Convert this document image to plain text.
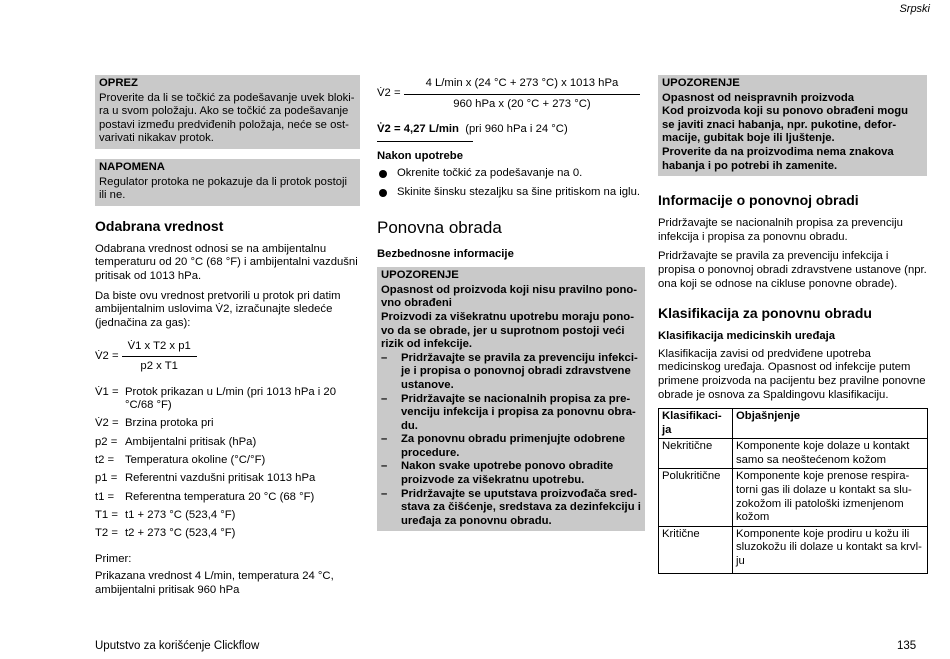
Srpski
OPREZ
Proverite da li se točkić za podešavanje uvek bloki-ra u svom položaju. Ako se točkić za podešavanje postavi između predviđenih položaja, neće se ost-varivati nikakav protok.
NAPOMENA
Regulator protoka ne pokazuje da li protok postoji ili ne.
Odabrana vrednost

Odabrana vrednost odnosi se na ambijentalnu temperaturu od 20 °C (68 °F) i ambijentalni vazdušni pritisak od 1013 hPa.

Da biste ovu vrednost pretvorili u protok pri datim ambijentalnim uslovima V̇2, izračunajte sledeće (jednačina za gas):

V̇2 = $\frac{\text{V̇1 x T2 x p1}}{\text{p2 x T1}}$
V̇1 = Protok prikazan u L/min (pri 1013 hPa i 20 °C/68 °F)
V̇2 = Brzina protoka pri
p2 = Ambijentalni pritisak (hPa)
t2 = Temperatura okoline (°C/°F)
p1 = Referentni vazdušni pritisak 1013 hPa
t1 = Referentna temperatura 20 °C (68 °F)
T1 = t1 + 273 °C (523,4 °F)
T2 = t2 + 273 °C (523,4 °F)

Primer:

Prikazana vrednost 4 L/min, temperatura 24 °C, ambijentalni pritisak 960 hPa

V̇2 = $\frac{\text{4 L/min x (24 °C + 273 °C) x 1013 hPa}}{\text{960 hPa x (20 °C + 273 °C)}}$

V̇2 = 4,27 L/min (pri 960 hPa i 24 °C)

Nakon upotrebe
Okrenite točkić za podešavanje na 0.
Skinite šinsku stezaljku sa šine pritiskom na iglu.
Ponovna obrada
Bezbednosne informacije
UPOZORENJE
Opasnost od proizvoda koji nisu pravilno pono-vno obrađeni
Proizvodi za višekratnu upotrebu moraju pono-vo da se obrade, jer u suprotnom postoji veći rizik od infekcije.
–	Pridržavajte se pravila za prevenciju infekci-je i propisa o ponovnoj obradi zdravstvene ustanove.
–	Pridržavajte se nacionalnih propisa za pre-venciju infekcija i propisa za ponovnu obra-du.
–	Za ponovnu obradu primenjujte odobrene procedure.
–	Nakon svake upotrebe ponovo obradite proizvode za višekratnu upotrebu.
–	Pridržavajte se uputstava proizvođača sred-stava za čišćenje, sredstava za dezinfekciju i uređaja za ponovnu obradu.
UPOZORENJE
Opasnost od neispravnih proizvoda
Kod proizvoda koji su ponovo obrađeni mogu se javiti znaci habanja, npr. pukotine, defor-macije, gubitak boje ili ljuštenje.
Proverite da na proizvodima nema znakova habanja i po potrebi ih zamenite.
Informacije o ponovnoj obradi

Pridržavajte se nacionalnih propisa za prevenciju infekcija i propisa za ponovnu obradu.

Pridržavajte se pravila za prevenciju infekcija i propisa o ponovnoj obradi zdravstvene ustanove (npr. ona koji se odnose na cikluse ponovne obrade).

Klasifikacija za ponovnu obradu
Klasifikacija medicinskih uređaja

Klasifikacija zavisi od predviđene upotreba medicinskog uređaja. Opasnost od infekcije putem primene proizvoda na pacijentu bez pravilne ponovne obrade je osnova za Spaldingovu klasifikaciju.

Klasifikaci-ja	Objašnjenje
Nekritične	Komponente koje dolaze u kontakt samo sa neoštećenom kožom
Polukritične	Komponente koje prenose respira-torni gas ili dolaze u kontakt sa slu-zokožom ili patološki izmenjenom kožom
Kritične	Komponente koje prodiru u kožu ili sluzokožu ili dolaze u kontakt sa krvl-ju
Uputstvo za korišćenje Clickflow	135
